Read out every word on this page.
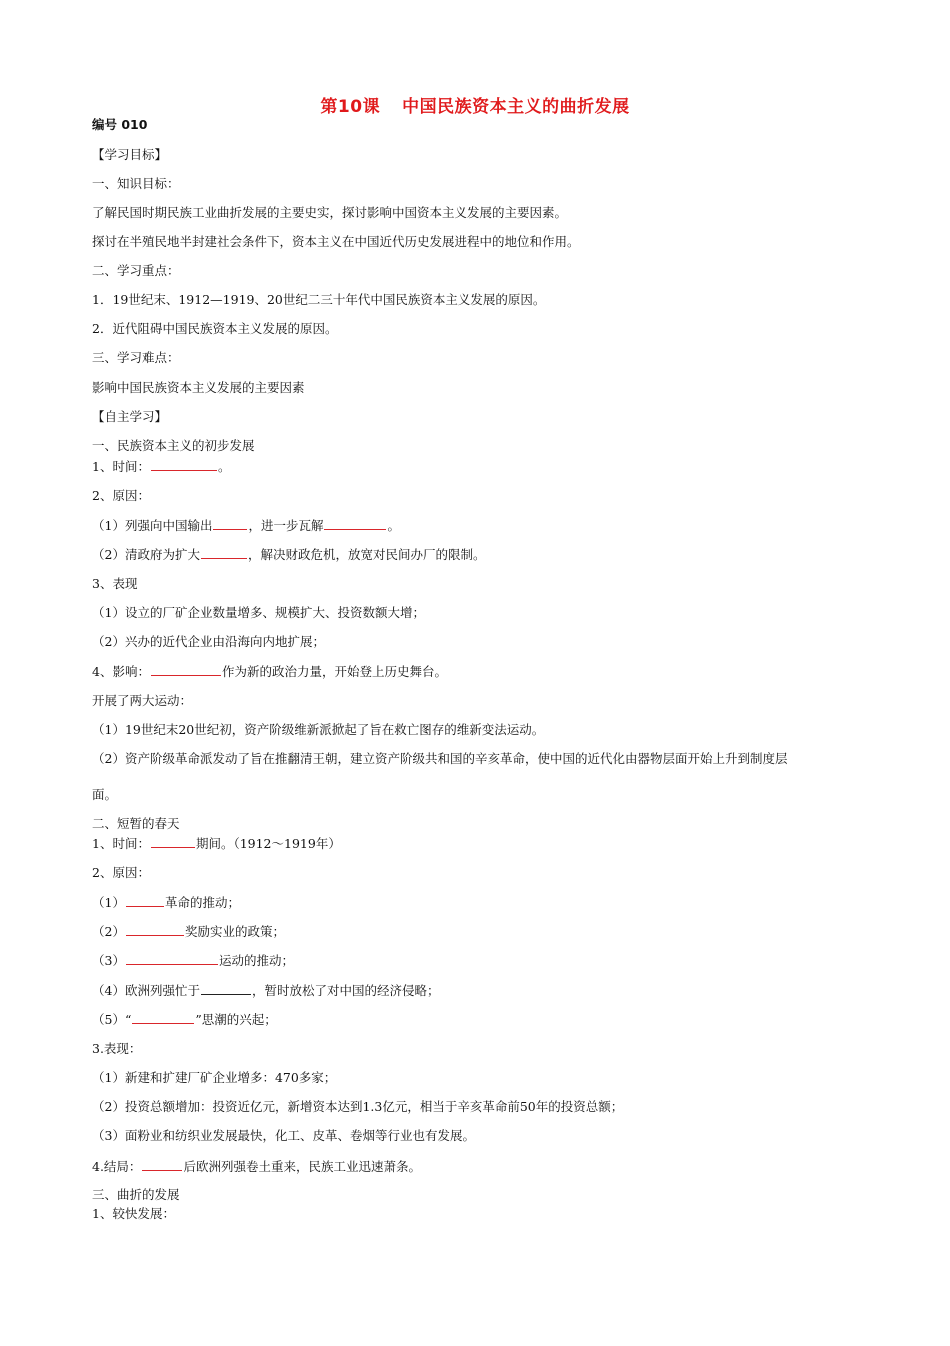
第10课 中国民族资本主义的曲折发展
编号 010
【学习目标】
一、知识目标：
了解民国时期民族工业曲折发展的主要史实，探讨影响中国资本主义发展的主要因素。
探讨在半殖民地半封建社会条件下，资本主义在中国近代历史发展进程中的地位和作用。
二、学习重点：
1．19世纪末、1912—1919、20世纪二三十年代中国民族资本主义发展的原因。
2．近代阻碍中国民族资本主义发展的原因。
三、学习难点：
影响中国民族资本主义发展的主要因素
【自主学习】
一、民族资本主义的初步发展
1、时间：	。
2、原因：
（1）列强向中国输出	，进一步瓦解	。
（2）清政府为扩大	，解决财政危机，放宽对民间办厂的限制。
3、表现
（1）设立的厂矿企业数量增多、规模扩大、投资数额大增；
（2）兴办的近代企业由沿海向内地扩展；
4、影响：	作为新的政治力量，开始登上历史舞台。
开展了两大运动：
（1）19世纪末20世纪初，资产阶级维新派掀起了旨在救亡图存的维新变法运动。
（2）资产阶级革命派发动了旨在推翻清王朝，建立资产阶级共和国的辛亥革命，使中国的近代化由器物层面开始上升到制度层
面。
二、短暂的春天
1、时间：	期间。（1912～1919年）
2、原因：
（1）	革命的推动；
（2）	奖励实业的政策；
（3）	运动的推动；
（4）欧洲列强忙于	，暂时放松了对中国的经济侵略；
（5）“	”思潮的兴起；
3.表现：
（1）新建和扩建厂矿企业增多：470多家；
（2）投资总额增加：投资近亿元，新增资本达到1.3亿元，相当于辛亥革命前50年的投资总额；
（3）面粉业和纺织业发展最快，化工、皮革、卷烟等行业也有发展。
4.结局：	后欧洲列强卷土重来，民族工业迅速萧条。
三、曲折的发展
1、较快发展：
